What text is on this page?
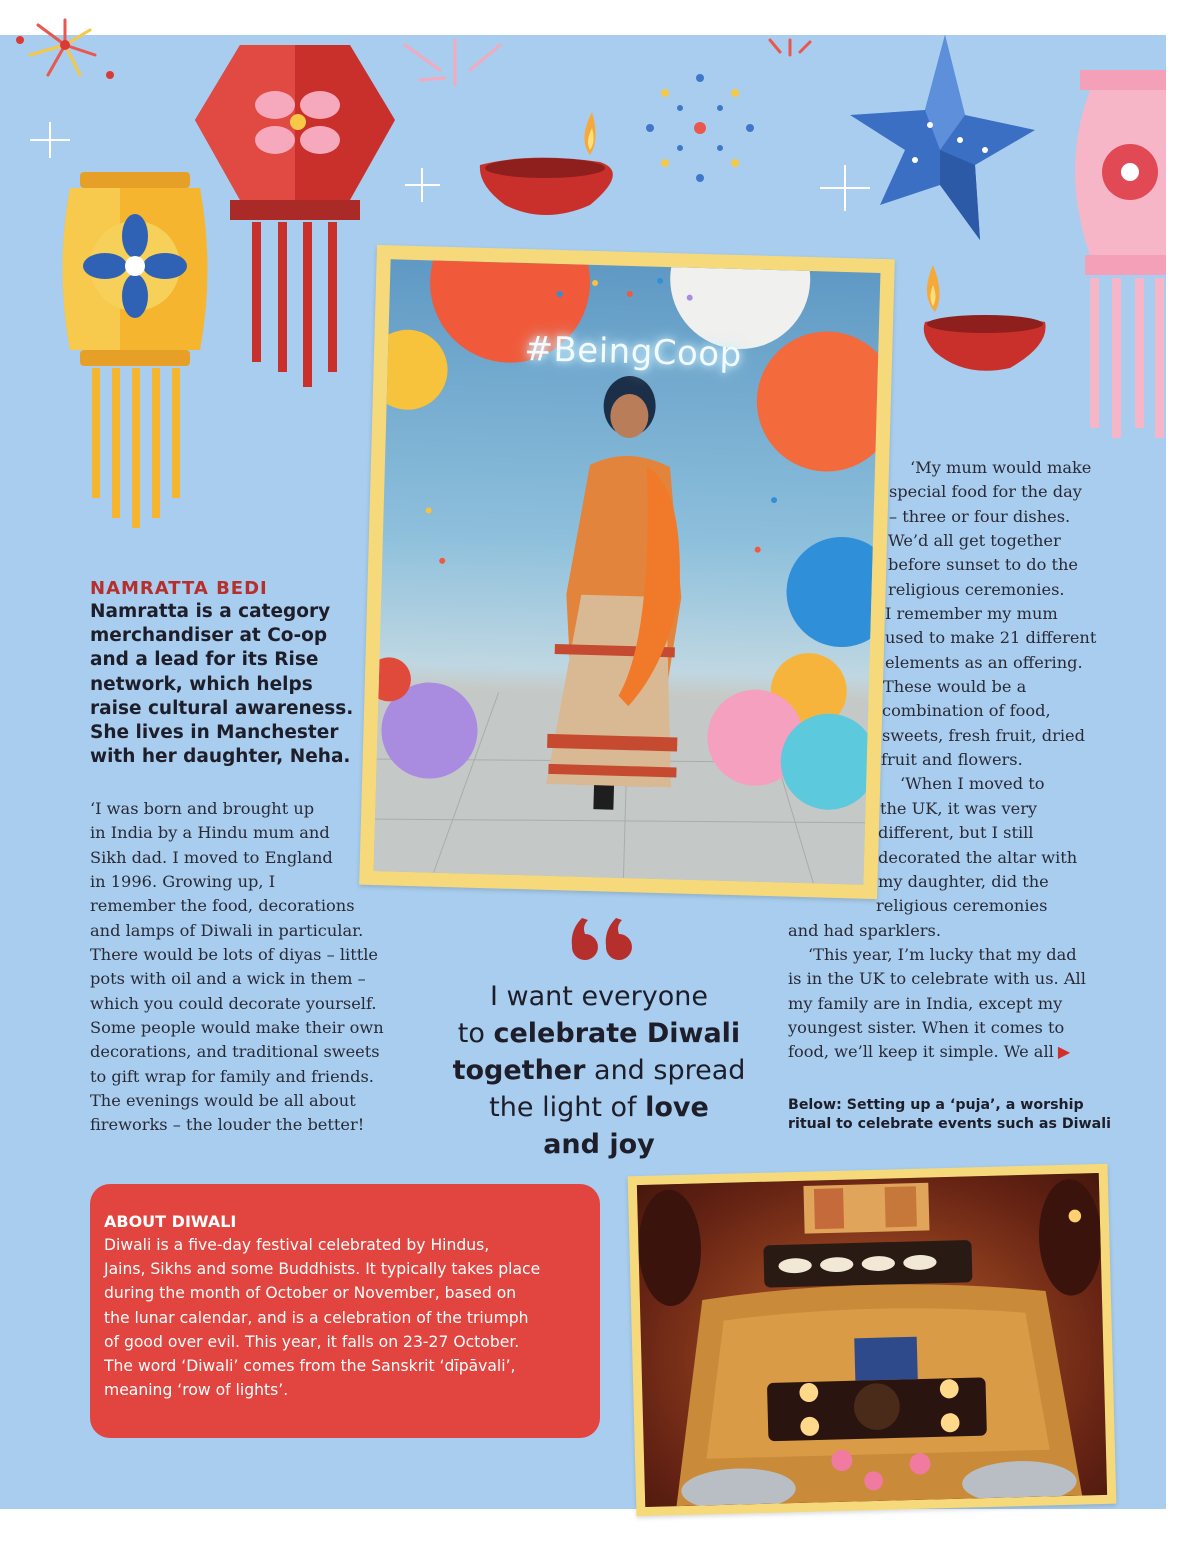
#BeingCoop

NAMRATTA BEDI

Namratta is a category merchandiser at Co-op and a lead for its Rise network, which helps raise cultural awareness. She lives in Manchester with her daughter, Neha.

‘I was born and brought up
in India by a Hindu mum and
Sikh dad. I moved to England
in 1996. Growing up, I
remember the food, decorations
and lamps of Diwali in particular.
There would be lots of diyas – little
pots with oil and a wick in them –
which you could decorate yourself.
Some people would make their own
decorations, and traditional sweets
to gift wrap for family and friends.
The evenings would be all about
fireworks – the louder the better!

‘My mum would make
special food for the day
– three or four dishes.
We’d all get together
before sunset to do the
religious ceremonies.
I remember my mum
used to make 21 different
elements as an offering.
These would be a
combination of food,
sweets, fresh fruit, dried
fruit and flowers.
‘When I moved to
the UK, it was very
different, but I still
decorated the altar with
my daughter, did the
religious ceremonies
and had sparklers.
‘This year, I’m lucky that my dad
is in the UK to celebrate with us. All
my family are in India, except my
youngest sister. When it comes to
food, we’ll keep it simple. We all ▶
I want everyone
to celebrate Diwali
together and spread
the light of love
and joy
Below: Setting up a ‘puja’, a worship ritual to celebrate events such as Diwali

ABOUT DIWALI

Diwali is a five-day festival celebrated by Hindus,
Jains, Sikhs and some Buddhists. It typically takes place
during the month of October or November, based on
the lunar calendar, and is a celebration of the triumph
of good over evil. This year, it falls on 23-27 October.
The word ‘Diwali’ comes from the Sanskrit ‘dīpāvali’,
meaning ‘row of lights’.
